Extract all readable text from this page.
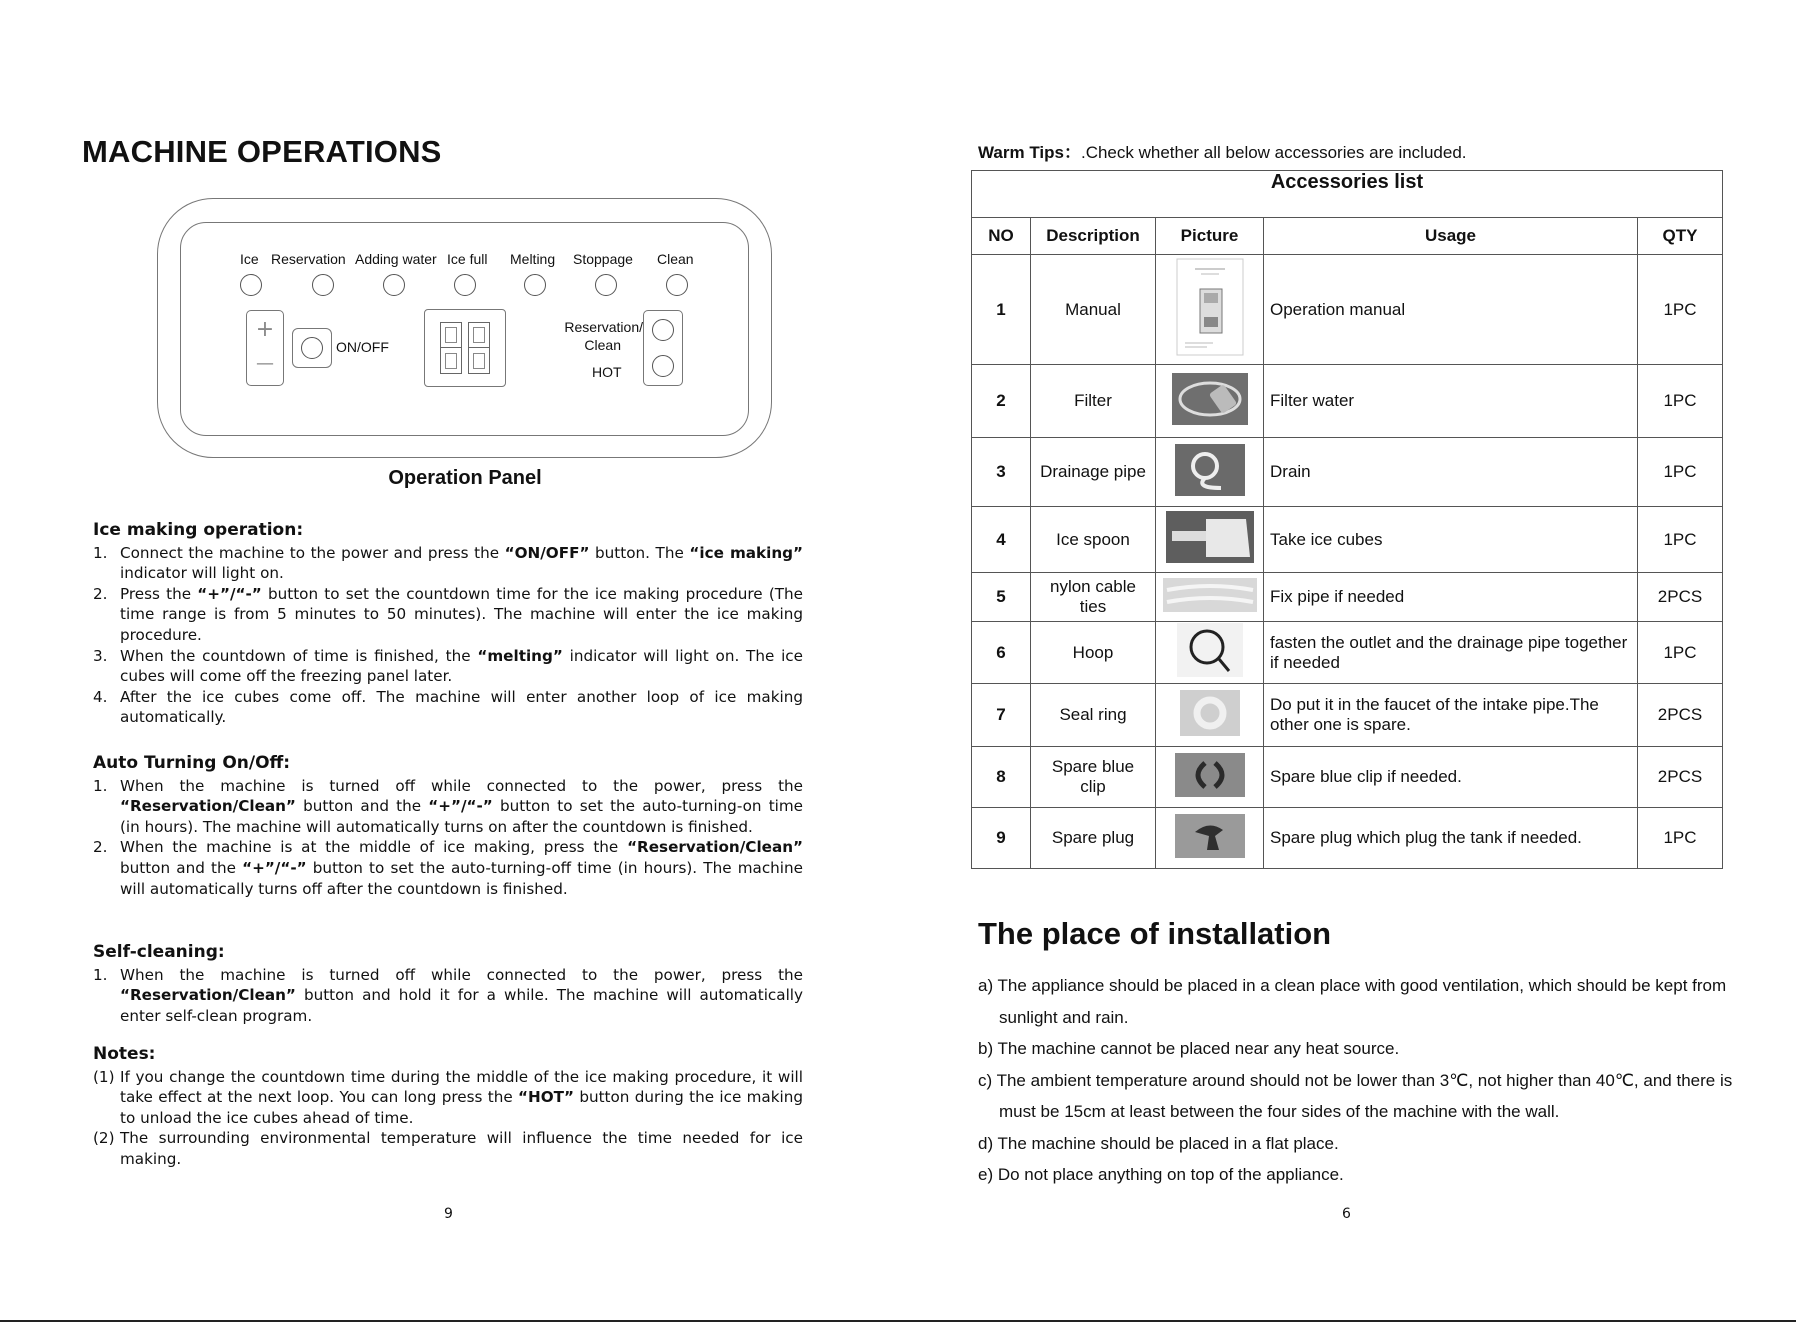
MACHINE OPERATIONS
Ice Reservation Adding water Ice full Melting Stoppage Clean
+
—
ON/OFF
Reservation/
Clean
HOT
Operation Panel
Ice making operation:
1. Connect the machine to the power and press the “ON/OFF” button. The “ice making” indicator will light on.
2. Press the “+”/“-” button to set the countdown time for the ice making procedure (The time range is from 5 minutes to 50 minutes). The machine will enter the ice making procedure.
3. When the countdown of time is finished, the “melting” indicator will light on. The ice cubes will come off the freezing panel later.
4. After the ice cubes come off. The machine will enter another loop of ice making automatically.
Auto Turning On/Off:
1. When the machine is turned off while connected to the power, press the “Reservation/Clean” button and the “+”/“-” button to set the auto-turning-on time (in hours). The machine will automatically turns on after the countdown is finished.
2. When the machine is at the middle of ice making, press the “Reservation/Clean” button and the “+”/“-” button to set the auto-turning-off time (in hours). The machine will automatically turns off after the countdown is finished.
Self-cleaning:
1. When the machine is turned off while connected to the power, press the “Reservation/Clean” button and hold it for a while. The machine will automatically enter self-clean program.
Notes:
(1) If you change the countdown time during the middle of the ice making procedure, it will take effect at the next loop. You can long press the “HOT” button during the ice making to unload the ice cubes ahead of time.
(2) The surrounding environmental temperature will influence the time needed for ice making.
9
Warm Tips：.Check whether all below accessories are included.
Accessories list				
NO	Description	Picture	Usage	QTY
1	Manual		Operation manual	1PC
2	Filter		Filter water	1PC
3	Drainage pipe		Drain	1PC
4	Ice spoon		Take ice cubes	1PC
5	nylon cable ties		Fix pipe if needed	2PCS
6	Hoop		fasten the outlet and the drainage pipe together if needed	1PC
7	Seal ring		Do put it in the faucet of the intake pipe.The other one is spare.	2PCS
8	Spare blue clip		Spare blue clip if needed.	2PCS
9	Spare plug		Spare plug which plug the tank if needed.	1PC
The place of installation
a) The appliance should be placed in a clean place with good ventilation, which should be kept from sunlight and rain.
b) The machine cannot be placed near any heat source.
c) The ambient temperature around should not be lower than 3℃, not higher than 40℃, and there is must be 15cm at least between the four sides of the machine with the wall.
d) The machine should be placed in a flat place.
e) Do not place anything on top of the appliance.
6
